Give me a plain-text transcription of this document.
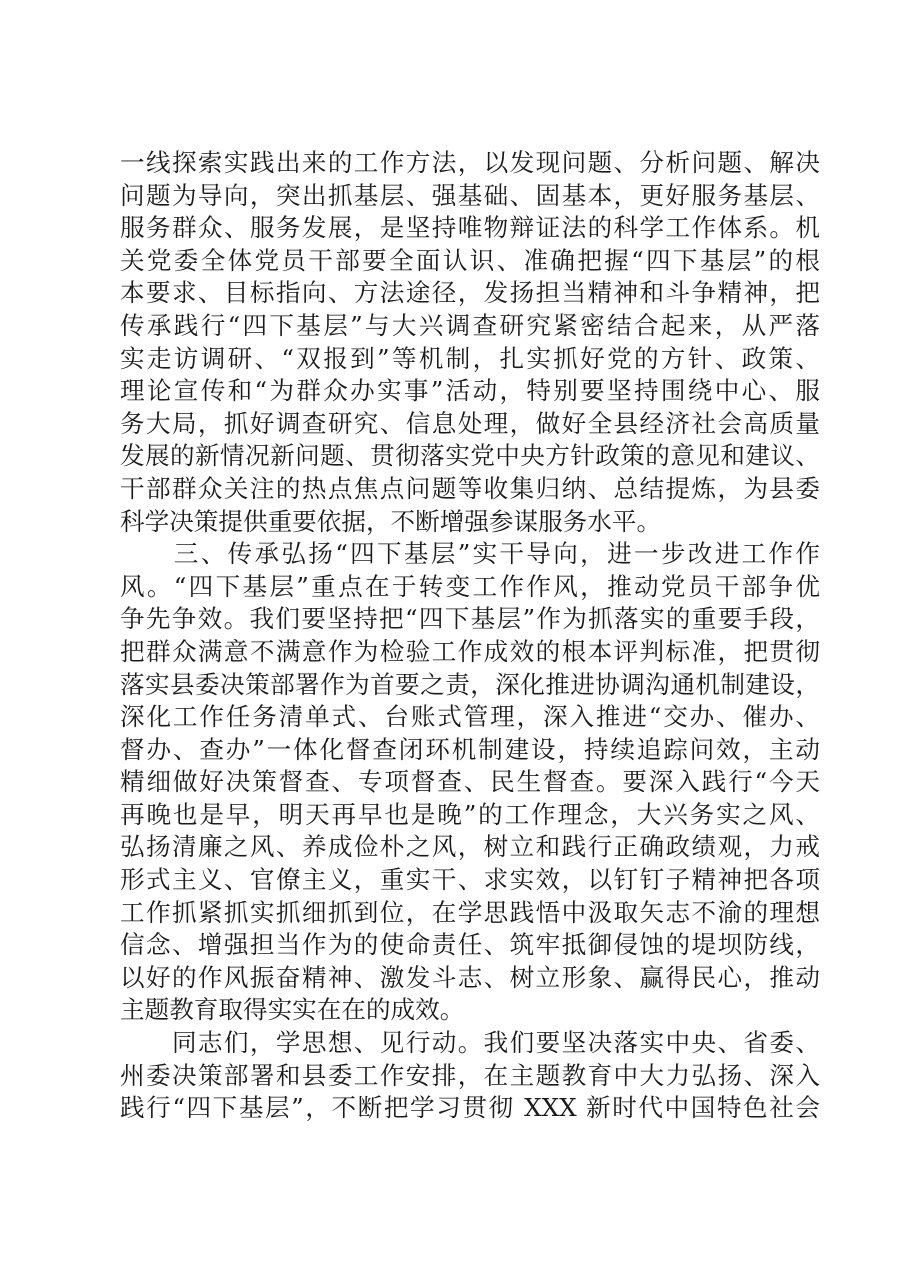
一线探索实践出来的工作方法，以发现问题、分析问题、解决
问题为导向，突出抓基层、强基础、固基本，更好服务基层、
服务群众、服务发展，是坚持唯物辩证法的科学工作体系。机
关党委全体党员干部要全面认识、准确把握“四下基层”的根
本要求、目标指向、方法途径，发扬担当精神和斗争精神，把
传承践行“四下基层”与大兴调查研究紧密结合起来，从严落
实走访调研、“双报到”等机制，扎实抓好党的方针、政策、
理论宣传和“为群众办实事”活动，特别要坚持围绕中心、服
务大局，抓好调查研究、信息处理，做好全县经济社会高质量
发展的新情况新问题、贯彻落实党中央方针政策的意见和建议、
干部群众关注的热点焦点问题等收集归纳、总结提炼，为县委
科学决策提供重要依据，不断增强参谋服务水平。
　　三、传承弘扬“四下基层”实干导向，进一步改进工作作
风。“四下基层”重点在于转变工作作风，推动党员干部争优
争先争效。我们要坚持把“四下基层”作为抓落实的重要手段，
把群众满意不满意作为检验工作成效的根本评判标准，把贯彻
落实县委决策部署作为首要之责，深化推进协调沟通机制建设，
深化工作任务清单式、台账式管理，深入推进“交办、催办、
督办、查办”一体化督查闭环机制建设，持续追踪问效，主动
精细做好决策督查、专项督查、民生督查。要深入践行“今天
再晚也是早，明天再早也是晚”的工作理念，大兴务实之风、
弘扬清廉之风、养成俭朴之风，树立和践行正确政绩观，力戒
形式主义、官僚主义，重实干、求实效，以钉钉子精神把各项
工作抓紧抓实抓细抓到位，在学思践悟中汲取矢志不渝的理想
信念、增强担当作为的使命责任、筑牢抵御侵蚀的堤坝防线，
以好的作风振奋精神、激发斗志、树立形象、赢得民心，推动
主题教育取得实实在在的成效。
　　同志们，学思想、见行动。我们要坚决落实中央、省委、
州委决策部署和县委工作安排，在主题教育中大力弘扬、深入
践行“四下基层”，不断把学习贯彻 XXX 新时代中国特色社会
